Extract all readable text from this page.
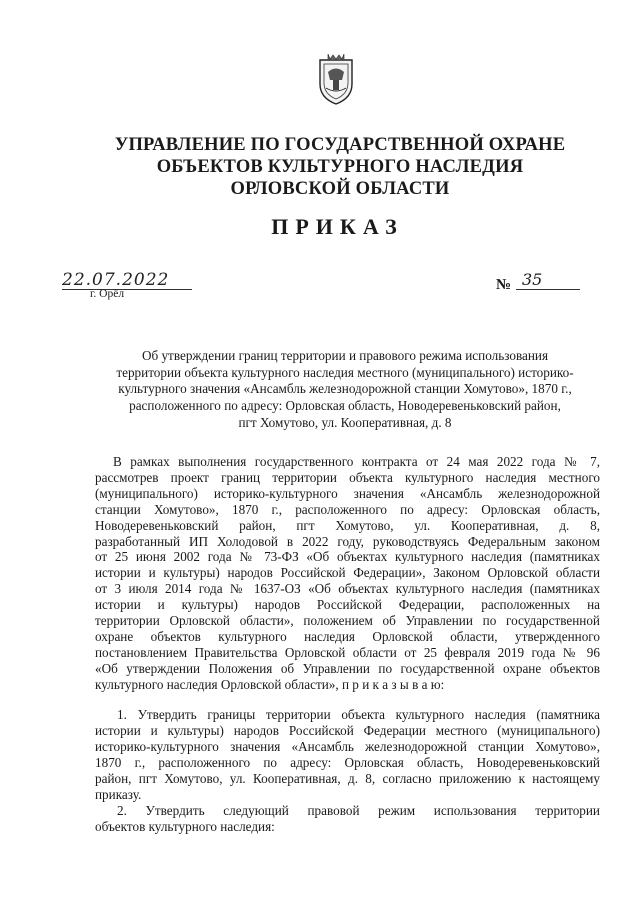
УПРАВЛЕНИЕ ПО ГОСУДАРСТВЕННОЙ ОХРАНЕ
ОБЪЕКТОВ КУЛЬТУРНОГО НАСЛЕДИЯ
ОРЛОВСКОЙ ОБЛАСТИ
ПРИКАЗ
22.07.2022
г. Орёл
№ 35
Об утверждении границ территории и правового режима использования
территории объекта культурного наследия местного (муниципального) историко-
культурного значения «Ансамбль железнодорожной станции Хомутово», 1870 г.,
расположенного по адресу: Орловская область, Новодеревеньковский район,
пгт Хомутово, ул. Кооперативная, д. 8
В рамках выполнения государственного контракта от 24 мая 2022 года № 7,
рассмотрев проект границ территории объекта культурного наследия местного
(муниципального) историко-культурного значения «Ансамбль железнодорожной
станции Хомутово», 1870 г., расположенного по адресу: Орловская область,
Новодеревеньковский район, пгт Хомутово, ул. Кооперативная, д. 8,
разработанный ИП Холодовой в 2022 году, руководствуясь Федеральным законом
от 25 июня 2002 года № 73-ФЗ «Об объектах культурного наследия (памятниках
истории и культуры) народов Российской Федерации», Законом Орловской области
от 3 июля 2014 года № 1637-ОЗ «Об объектах культурного наследия (памятниках
истории и культуры) народов Российской Федерации, расположенных на
территории Орловской области», положением об Управлении по государственной
охране объектов культурного наследия Орловской области, утвержденного
постановлением Правительства Орловской области от 25 февраля 2019 года № 96
«Об утверждении Положения об Управлении по государственной охране объектов
культурного наследия Орловской области», п р и к а з ы в а ю:
1. Утвердить границы территории объекта культурного наследия (памятника
истории и культуры) народов Российской Федерации местного (муниципального)
историко-культурного значения «Ансамбль железнодорожной станции Хомутово»,
1870 г., расположенного по адресу: Орловская область, Новодеревеньковский
район, пгт Хомутово, ул. Кооперативная, д. 8, согласно приложению к настоящему
приказу.
2. Утвердить следующий правовой режим использования территории
объектов культурного наследия:
